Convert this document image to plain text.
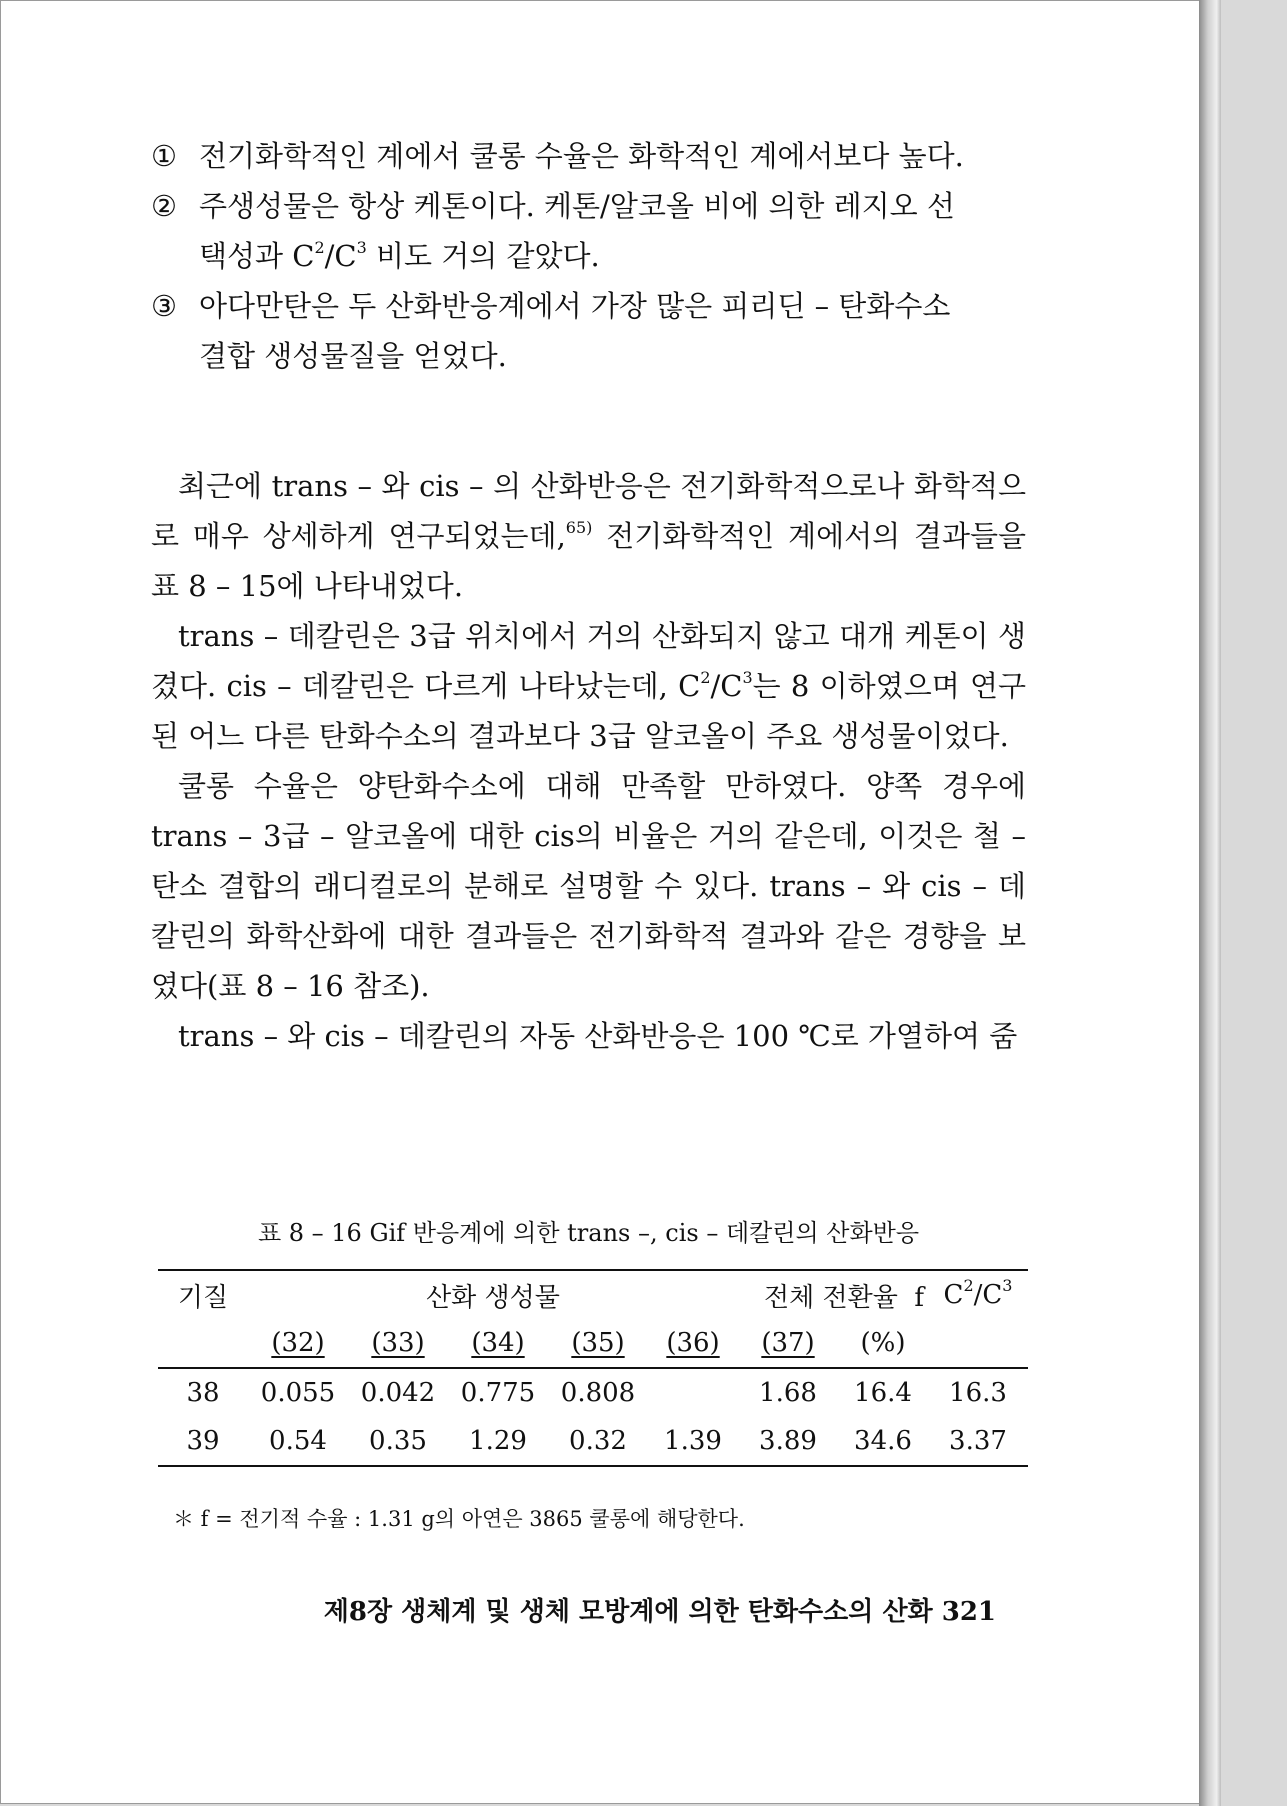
① 전기화학적인 계에서 쿨롱 수율은 화학적인 계에서보다 높다.
② 주생성물은 항상 케톤이다. 케톤/알코올 비에 의한 레지오 선
택성과 $C^2/C^3$ 비도 거의 같았다.
③ 아다만탄은 두 산화반응계에서 가장 많은 피리딘 – 탄화수소
결합 생성물질을 얻었다.

최근에 trans – 와 cis – 의 산화반응은 전기화학적으로나 화학적으로 매우 상세하게 연구되었는데,$^{65)}$ 전기화학적인 계에서의 결과들을 표 8 – 15에 나타내었다.

trans – 데칼린은 3급 위치에서 거의 산화되지 않고 대개 케톤이 생겼다. cis – 데칼린은 다르게 나타났는데, $C^2/C^3$는 8 이하였으며 연구된 어느 다른 탄화수소의 결과보다 3급 알코올이 주요 생성물이었다.

쿨롱 수율은 양탄화수소에 대해 만족할 만하였다. 양쪽 경우에 trans – 3급 – 알코올에 대한 cis의 비율은 거의 같은데, 이것은 철 – 탄소 결합의 래디컬로의 분해로 설명할 수 있다. trans – 와 cis – 데칼린의 화학산화에 대한 결과들은 전기화학적 결과와 같은 경향을 보였다(표 8 – 16 참조).

trans – 와 cis – 데칼린의 자동 산화반응은 100 ℃로 가열하여 줌

표 8 – 16 Gif 반응계에 의한 trans –, cis – 데칼린의 산화반응
기질	산화 생성물					전체 전환율 f		$C^2/C^3$
	(32)	(33)	(34)	(35)	(36)	(37)	(%)	
38	0.055	0.042	0.775	0.808		1.68	16.4	16.3
39	0.54	0.35	1.29	0.32	1.39	3.89	34.6	3.37
＊ f = 전기적 수율 : 1.31 g의 아연은 3865 쿨롱에 해당한다.
제8장 생체계 및 생체 모방계에 의한 탄화수소의 산화 321
